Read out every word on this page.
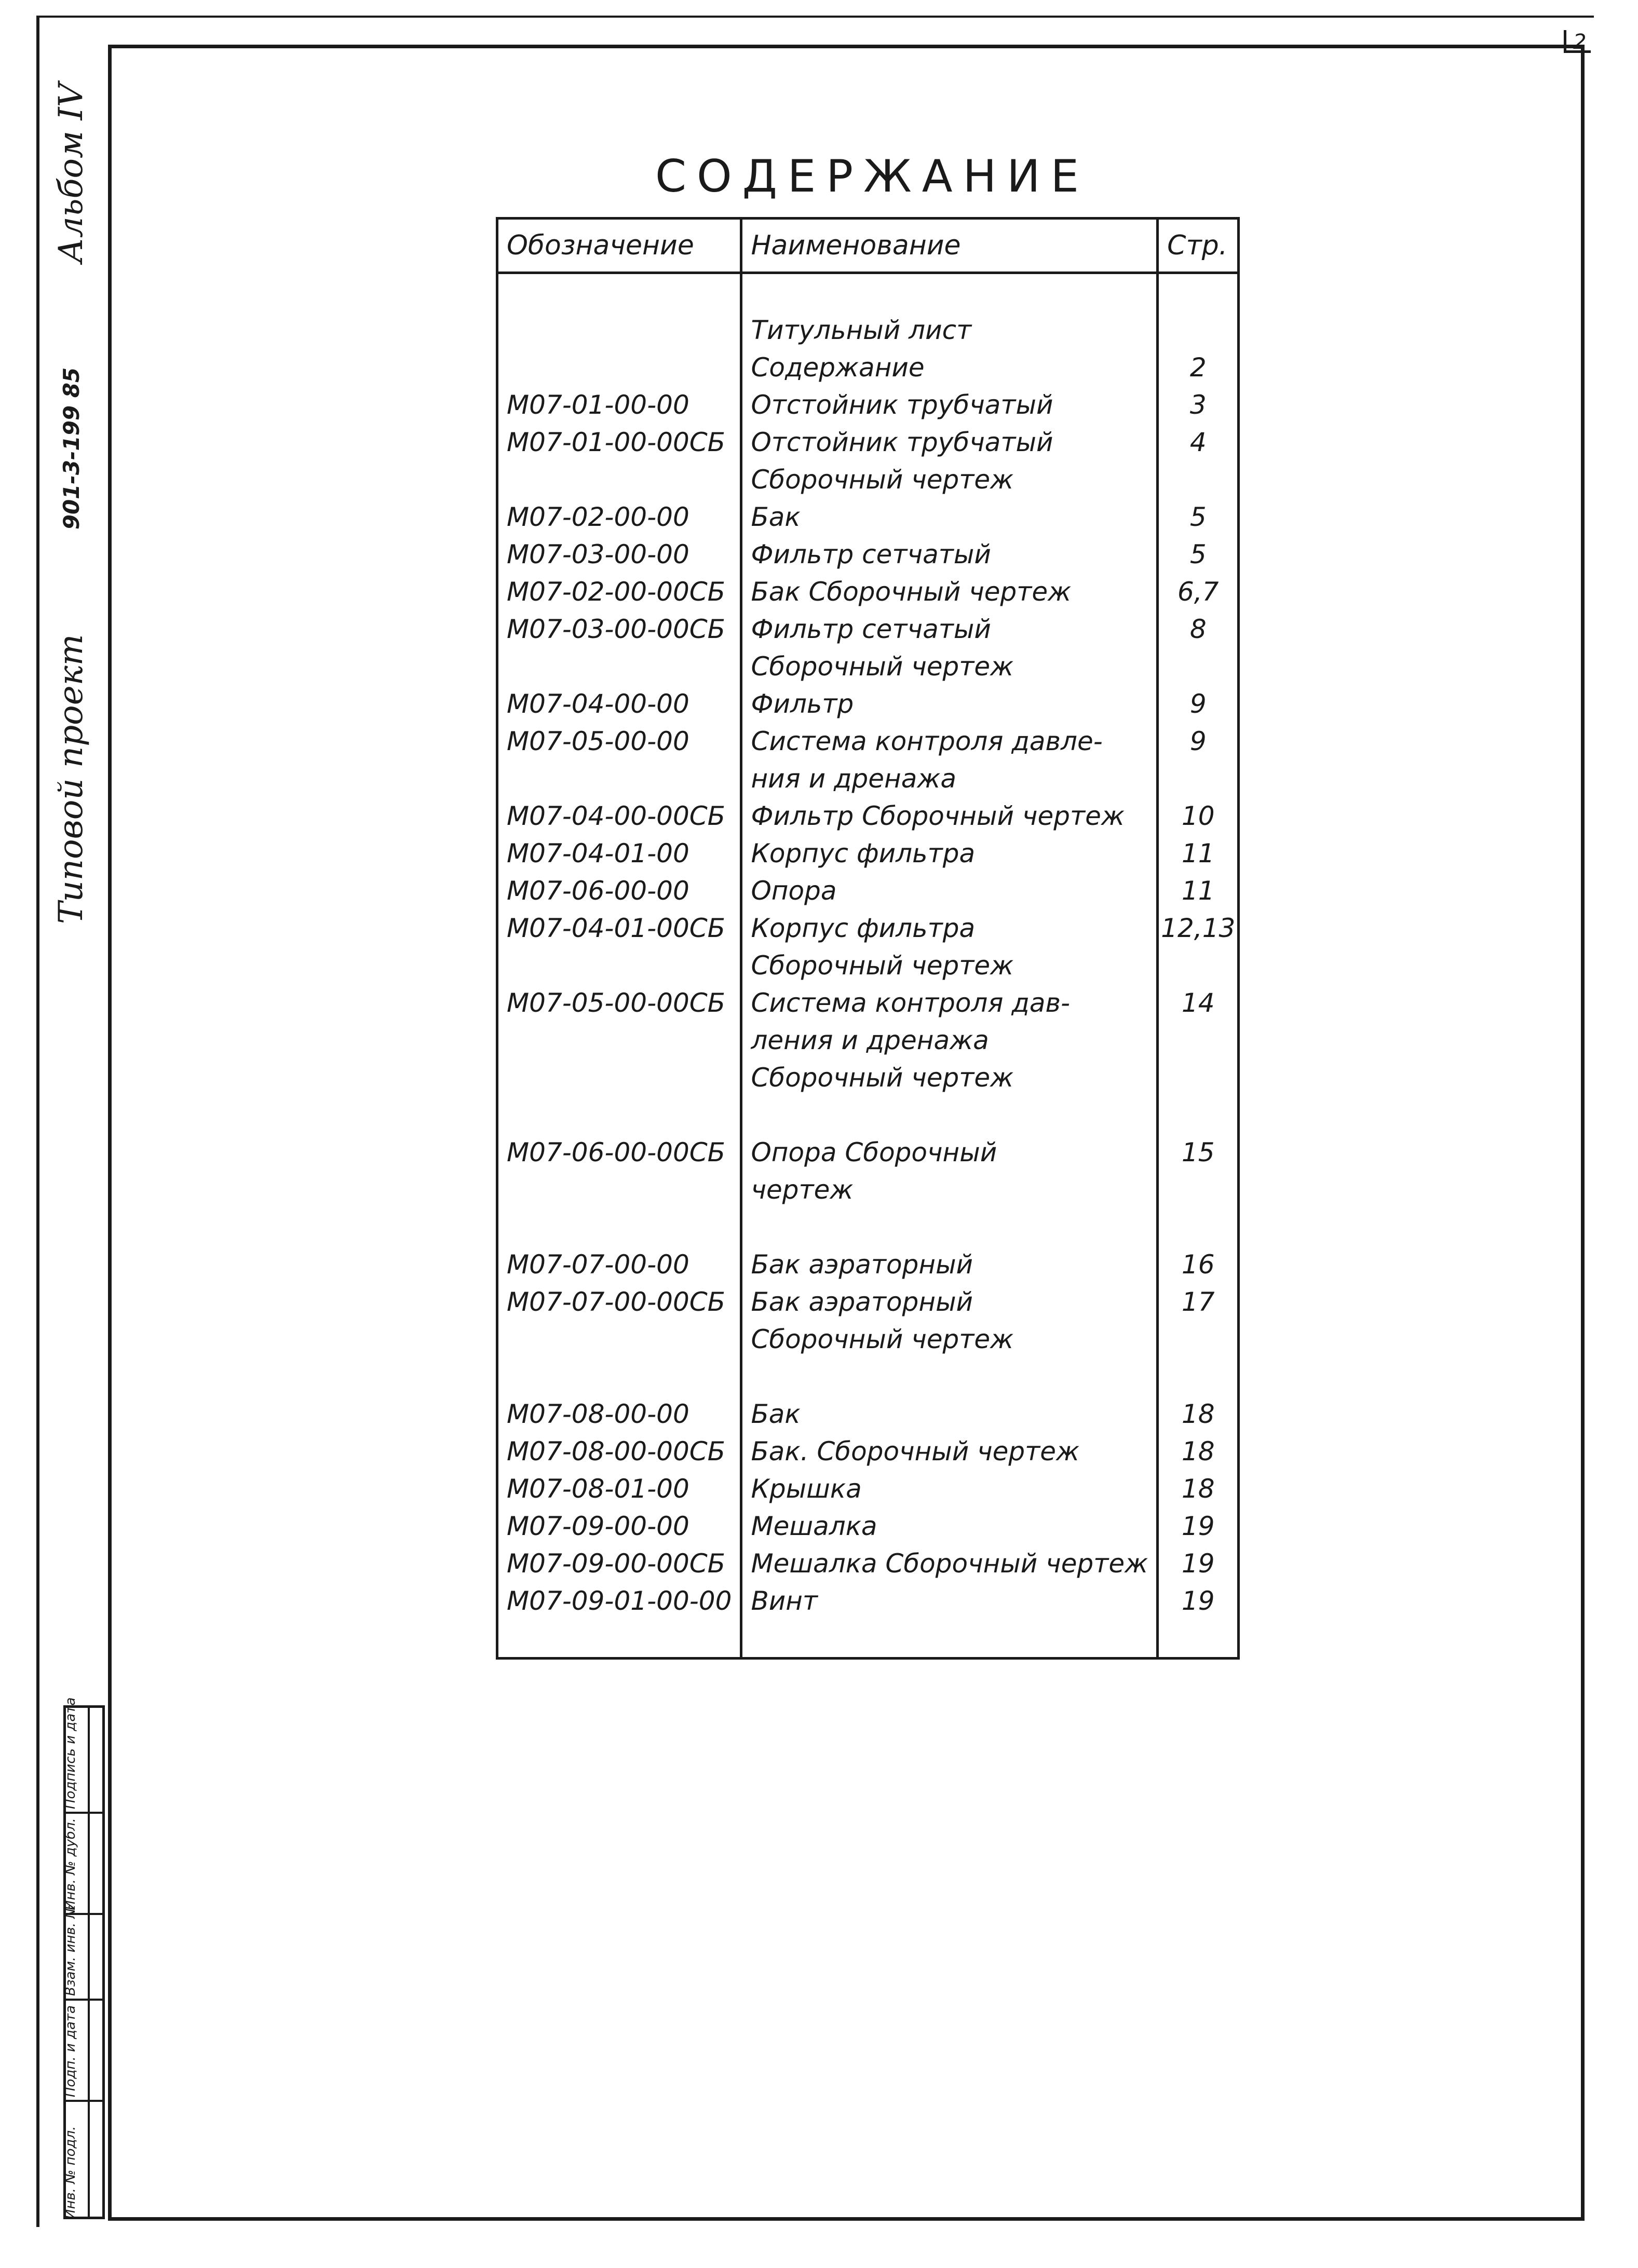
2
Типовой проект
901-3-199 85
Альбом IV
Инв. № подл.
Подп. и дата
Взам. инв. №
Инв. № дубл.
Подпись и дата
СОДЕРЖАНИЕ
Обозначение	Наименование	Стр.

	Титульный лист	
	Содержание	2
М07-01-00-00	Отстойник трубчатый	3
М07-01-00-00СБ	Отстойник трубчатый	4
	Сборочный чертеж	
М07-02-00-00	Бак	5
М07-03-00-00	Фильтр сетчатый	5
М07-02-00-00СБ	Бак Сборочный чертеж	6,7
М07-03-00-00СБ	Фильтр сетчатый	8
	Сборочный чертеж	
М07-04-00-00	Фильтр	9
М07-05-00-00	Система контроля давле-	9
	ния и дренажа	
М07-04-00-00СБ	Фильтр Сборочный чертеж	10
М07-04-01-00	Корпус фильтра	11
М07-06-00-00	Опора	11
М07-04-01-00СБ	Корпус фильтра	12,13
	Сборочный чертеж	
М07-05-00-00СБ	Система контроля дав-	14
	ления и дренажа	
	Сборочный чертеж	

М07-06-00-00СБ	Опора Сборочный	15
	чертеж	

М07-07-00-00	Бак аэраторный	16
М07-07-00-00СБ	Бак аэраторный	17
	Сборочный чертеж	

М07-08-00-00	Бак	18
М07-08-00-00СБ	Бак. Сборочный чертеж	18
М07-08-01-00	Крышка	18
М07-09-00-00	Мешалка	19
М07-09-00-00СБ	Мешалка Сборочный чертеж	19
М07-09-01-00-00	Винт	19
